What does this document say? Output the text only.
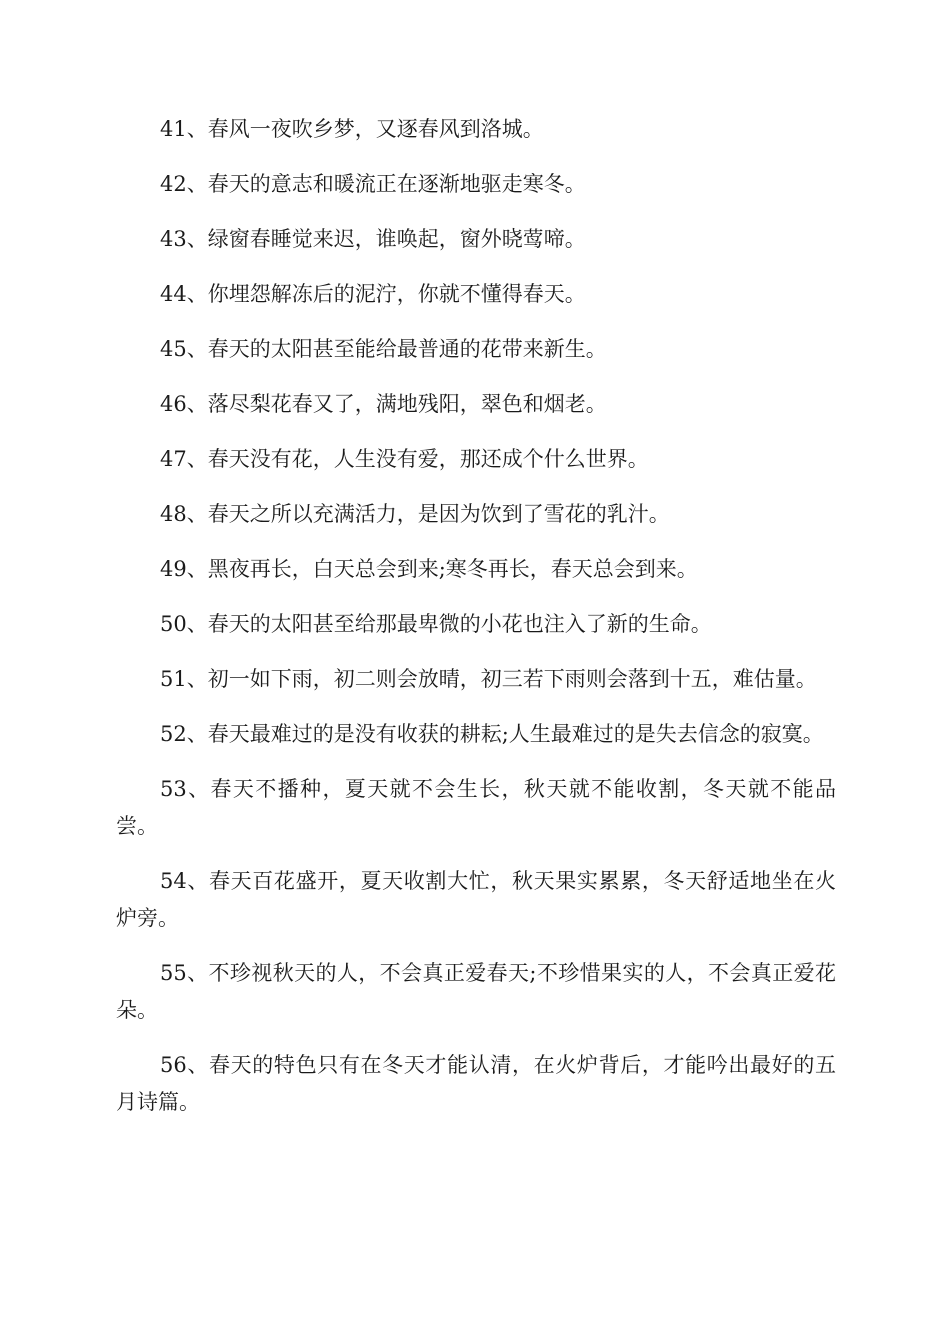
41、春风一夜吹乡梦，又逐春风到洛城。

42、春天的意志和暖流正在逐渐地驱走寒冬。

43、绿窗春睡觉来迟，谁唤起，窗外晓莺啼。

44、你埋怨解冻后的泥泞，你就不懂得春天。

45、春天的太阳甚至能给最普通的花带来新生。

46、落尽梨花春又了，满地残阳，翠色和烟老。

47、春天没有花，人生没有爱，那还成个什么世界。

48、春天之所以充满活力，是因为饮到了雪花的乳汁。

49、黑夜再长，白天总会到来;寒冬再长，春天总会到来。

50、春天的太阳甚至给那最卑微的小花也注入了新的生命。

51、初一如下雨，初二则会放晴，初三若下雨则会落到十五，难估量。

52、春天最难过的是没有收获的耕耘;人生最难过的是失去信念的寂寞。

53、春天不播种，夏天就不会生长，秋天就不能收割，冬天就不能品尝。

54、春天百花盛开，夏天收割大忙，秋天果实累累，冬天舒适地坐在火炉旁。

55、不珍视秋天的人，不会真正爱春天;不珍惜果实的人，不会真正爱花朵。

56、春天的特色只有在冬天才能认清，在火炉背后，才能吟出最好的五月诗篇。
